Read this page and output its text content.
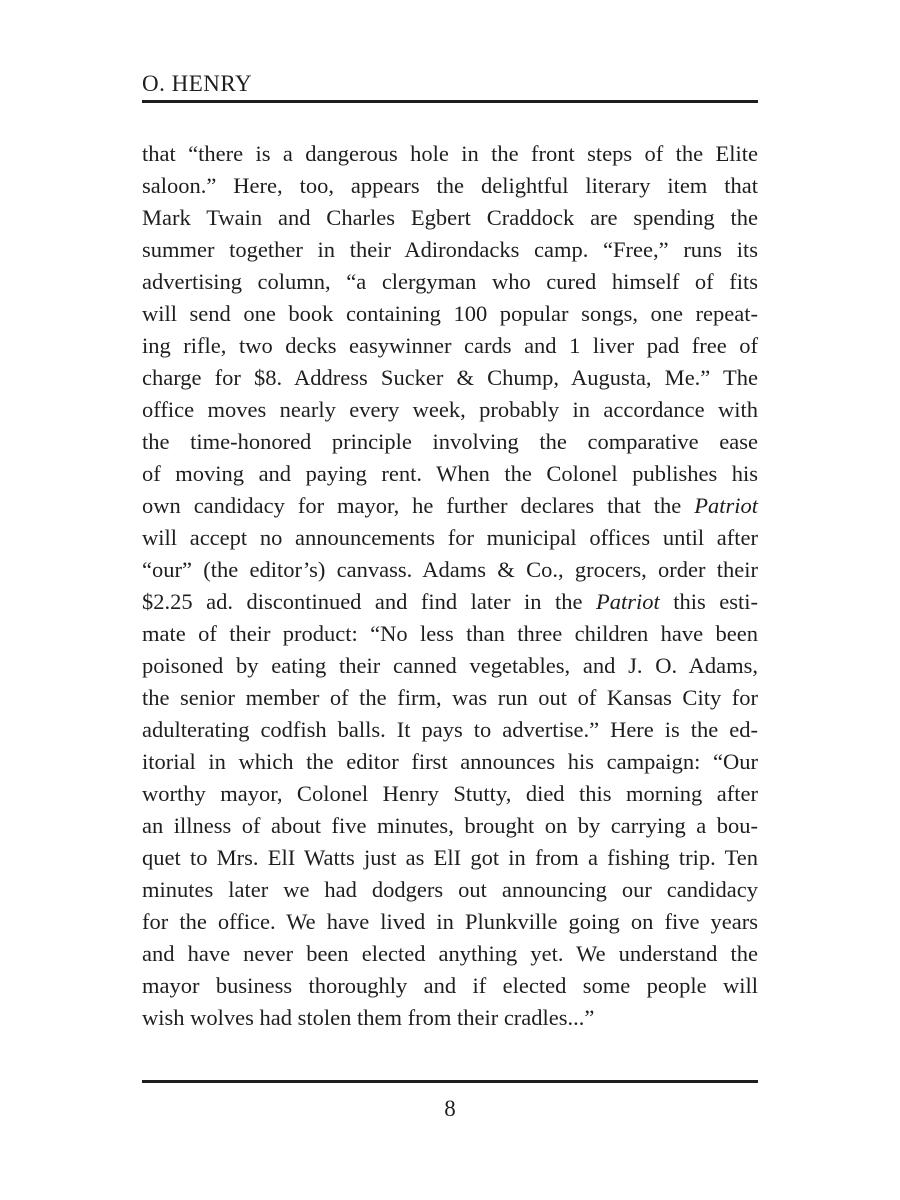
O. HENRY
that “there is a dangerous hole in the front steps of the Elite
saloon.” Here, too, appears the delightful literary item that
Mark Twain and Charles Egbert Craddock are spending the
summer together in their Adirondacks camp. “Free,” runs its
advertising column, “a clergyman who cured himself of fits
will send one book containing 100 popular songs, one repeat-
ing rifle, two decks easywinner cards and 1 liver pad free of
charge for $8. Address Sucker & Chump, Augusta, Me.” The
office moves nearly every week, probably in accordance with
the time-honored principle involving the comparative ease
of moving and paying rent. When the Colonel publishes his
own candidacy for mayor, he further declares that the Patriot
will accept no announcements for municipal offices until after
“our” (the editor’s) canvass. Adams & Co., grocers, order their
$2.25 ad. discontinued and find later in the Patriot this esti-
mate of their product: “No less than three children have been
poisoned by eating their canned vegetables, and J. O. Adams,
the senior member of the firm, was run out of Kansas City for
adulterating codfish balls. It pays to advertise.” Here is the ed-
itorial in which the editor first announces his campaign: “Our
worthy mayor, Colonel Henry Stutty, died this morning after
an illness of about five minutes, brought on by carrying a bou-
quet to Mrs. ElI Watts just as ElI got in from a fishing trip. Ten
minutes later we had dodgers out announcing our candidacy
for the office. We have lived in Plunkville going on five years
and have never been elected anything yet. We understand the
mayor business thoroughly and if elected some people will
wish wolves had stolen them from their cradles...”
8
